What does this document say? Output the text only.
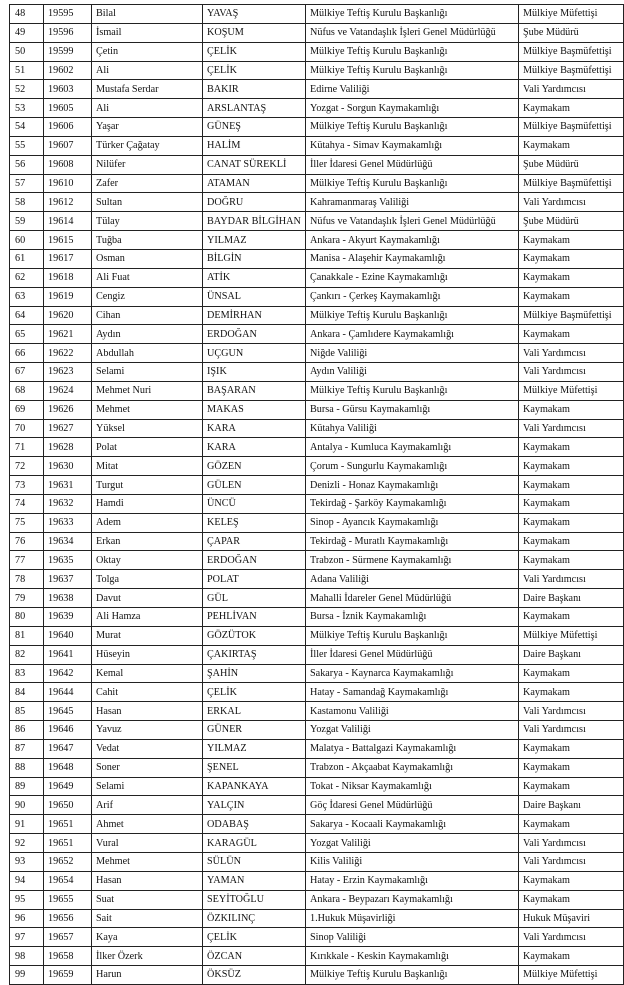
48	19595	Bilal	YAVAŞ	Mülkiye Teftiş Kurulu Başkanlığı	Mülkiye Müfettişi
49	19596	İsmail	KOŞUM	Nüfus ve Vatandaşlık İşleri Genel Müdürlüğü	Şube Müdürü
50	19599	Çetin	ÇELİK	Mülkiye Teftiş Kurulu Başkanlığı	Mülkiye Başmüfettişi
51	19602	Ali	ÇELİK	Mülkiye Teftiş Kurulu Başkanlığı	Mülkiye Başmüfettişi
52	19603	Mustafa Serdar	BAKIR	Edirne Valiliği	Vali Yardımcısı
53	19605	Ali	ARSLANTAŞ	Yozgat - Sorgun Kaymakamlığı	Kaymakam
54	19606	Yaşar	GÜNEŞ	Mülkiye Teftiş Kurulu Başkanlığı	Mülkiye Başmüfettişi
55	19607	Türker Çağatay	HALİM	Kütahya - Simav Kaymakamlığı	Kaymakam
56	19608	Nilüfer	CANAT SÜREKLİ	İller İdaresi Genel Müdürlüğü	Şube Müdürü
57	19610	Zafer	ATAMAN	Mülkiye Teftiş Kurulu Başkanlığı	Mülkiye Başmüfettişi
58	19612	Sultan	DOĞRU	Kahramanmaraş Valiliği	Vali Yardımcısı
59	19614	Tülay	BAYDAR BİLGİHAN	Nüfus ve Vatandaşlık İşleri Genel Müdürlüğü	Şube Müdürü
60	19615	Tuğba	YILMAZ	Ankara - Akyurt Kaymakamlığı	Kaymakam
61	19617	Osman	BİLGİN	Manisa - Alaşehir Kaymakamlığı	Kaymakam
62	19618	Ali Fuat	ATİK	Çanakkale - Ezine Kaymakamlığı	Kaymakam
63	19619	Cengiz	ÜNSAL	Çankırı - Çerkeş Kaymakamlığı	Kaymakam
64	19620	Cihan	DEMİRHAN	Mülkiye Teftiş Kurulu Başkanlığı	Mülkiye Başmüfettişi
65	19621	Aydın	ERDOĞAN	Ankara - Çamlıdere Kaymakamlığı	Kaymakam
66	19622	Abdullah	UÇGUN	Niğde Valiliği	Vali Yardımcısı
67	19623	Selami	IŞIK	Aydın Valiliği	Vali Yardımcısı
68	19624	Mehmet Nuri	BAŞARAN	Mülkiye Teftiş Kurulu Başkanlığı	Mülkiye Müfettişi
69	19626	Mehmet	MAKAS	Bursa - Gürsu Kaymakamlığı	Kaymakam
70	19627	Yüksel	KARA	Kütahya Valiliği	Vali Yardımcısı
71	19628	Polat	KARA	Antalya - Kumluca Kaymakamlığı	Kaymakam
72	19630	Mitat	GÖZEN	Çorum - Sungurlu Kaymakamlığı	Kaymakam
73	19631	Turgut	GÜLEN	Denizli - Honaz Kaymakamlığı	Kaymakam
74	19632	Hamdi	ÜNCÜ	Tekirdağ - Şarköy Kaymakamlığı	Kaymakam
75	19633	Adem	KELEŞ	Sinop - Ayancık Kaymakamlığı	Kaymakam
76	19634	Erkan	ÇAPAR	Tekirdağ - Muratlı Kaymakamlığı	Kaymakam
77	19635	Oktay	ERDOĞAN	Trabzon - Sürmene Kaymakamlığı	Kaymakam
78	19637	Tolga	POLAT	Adana Valiliği	Vali Yardımcısı
79	19638	Davut	GÜL	Mahalli İdareler Genel Müdürlüğü	Daire Başkanı
80	19639	Ali Hamza	PEHLİVAN	Bursa - İznik Kaymakamlığı	Kaymakam
81	19640	Murat	GÖZÜTOK	Mülkiye Teftiş Kurulu Başkanlığı	Mülkiye Müfettişi
82	19641	Hüseyin	ÇAKIRTAŞ	İller İdaresi Genel Müdürlüğü	Daire Başkanı
83	19642	Kemal	ŞAHİN	Sakarya - Kaynarca Kaymakamlığı	Kaymakam
84	19644	Cahit	ÇELİK	Hatay - Samandağ Kaymakamlığı	Kaymakam
85	19645	Hasan	ERKAL	Kastamonu Valiliği	Vali Yardımcısı
86	19646	Yavuz	GÜNER	Yozgat Valiliği	Vali Yardımcısı
87	19647	Vedat	YILMAZ	Malatya - Battalgazi Kaymakamlığı	Kaymakam
88	19648	Soner	ŞENEL	Trabzon - Akçaabat Kaymakamlığı	Kaymakam
89	19649	Selami	KAPANKAYA	Tokat - Niksar Kaymakamlığı	Kaymakam
90	19650	Arif	YALÇIN	Göç İdaresi Genel Müdürlüğü	Daire Başkanı
91	19651	Ahmet	ODABAŞ	Sakarya - Kocaali Kaymakamlığı	Kaymakam
92	19651	Vural	KARAGÜL	Yozgat Valiliği	Vali Yardımcısı
93	19652	Mehmet	SÜLÜN	Kilis Valiliği	Vali Yardımcısı
94	19654	Hasan	YAMAN	Hatay - Erzin Kaymakamlığı	Kaymakam
95	19655	Suat	SEYİTOĞLU	Ankara - Beypazarı Kaymakamlığı	Kaymakam
96	19656	Sait	ÖZKILINÇ	1.Hukuk Müşavirliği	Hukuk Müşaviri
97	19657	Kaya	ÇELİK	Sinop Valiliği	Vali Yardımcısı
98	19658	İlker Özerk	ÖZCAN	Kırıkkale - Keskin Kaymakamlığı	Kaymakam
99	19659	Harun	ÖKSÜZ	Mülkiye Teftiş Kurulu Başkanlığı	Mülkiye Müfettişi
